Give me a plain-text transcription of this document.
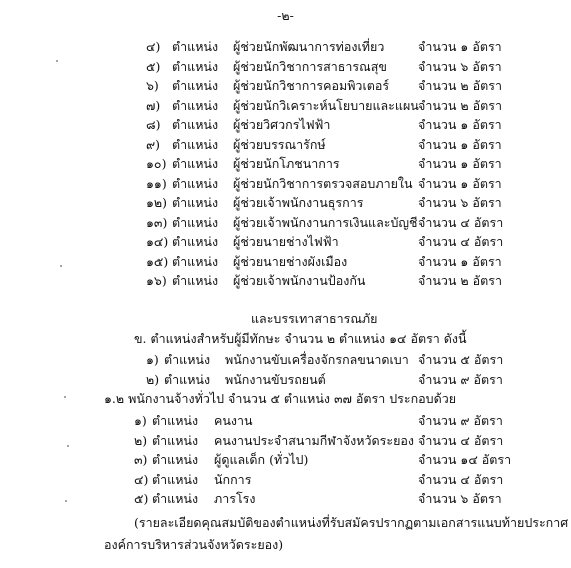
-๒-
๔) ตำแหน่ง ผู้ช่วยนักพัฒนาการท่องเที่ยว	จำนวน ๑ อัตรา
๕) ตำแหน่ง ผู้ช่วยนักวิชาการสาธารณสุข จำนวน ๖ อัตรา
๖) ตำแหน่ง ผู้ช่วยนักวิชาการคอมพิวเตอร์ จำนวน ๒ อัตรา
๗) ตำแหน่ง ผู้ช่วยนักวิเคราะห์นโยบายและแผน จำนวน ๒ อัตรา
๘) ตำแหน่ง ผู้ช่วยวิศวกรไฟฟ้า	จำนวน ๑ อัตรา
๙) ตำแหน่ง ผู้ช่วยบรรณารักษ์	จำนวน ๑ อัตรา
๑๐) ตำแหน่ง ผู้ช่วยนักโภชนาการ	จำนวน ๑ อัตรา
๑๑) ตำแหน่ง ผู้ช่วยนักวิชาการตรวจสอบภายใน จำนวน ๑ อัตรา
๑๒) ตำแหน่ง ผู้ช่วยเจ้าพนักงานธุรการ	จำนวน ๖ อัตรา
๑๓) ตำแหน่ง ผู้ช่วยเจ้าพนักงานการเงินและบัญชี จำนวน ๔ อัตรา
๑๔) ตำแหน่ง ผู้ช่วยนายช่างไฟฟ้า	จำนวน ๔ อัตรา
๑๕) ตำแหน่ง ผู้ช่วยนายช่างผังเมือง	จำนวน ๑ อัตรา
๑๖) ตำแหน่ง ผู้ช่วยเจ้าพนักงานป้องกัน	จำนวน ๒ อัตรา
และบรรเทาสาธารณภัย
ข. ตำแหน่งสำหรับผู้มีทักษะ จำนวน ๒ ตำแหน่ง ๑๔ อัตรา ดังนี้
๑) ตำแหน่ง พนักงานขับเครื่องจักรกลขนาดเบา จำนวน ๕ อัตรา
๒) ตำแหน่ง พนักงานขับรถยนต์	จำนวน ๙ อัตรา
๑.๒ พนักงานจ้างทั่วไป จำนวน ๕ ตำแหน่ง ๓๗ อัตรา ประกอบด้วย
๑) ตำแหน่ง คนงาน	จำนวน ๙ อัตรา
๒) ตำแหน่ง คนงานประจำสนามกีฬาจังหวัดระยอง จำนวน ๔ อัตรา
๓) ตำแหน่ง ผู้ดูแลเด็ก (ทั่วไป)	จำนวน ๑๔ อัตรา
๔) ตำแหน่ง นักการ	จำนวน ๔ อัตรา
๕) ตำแหน่ง ภารโรง	จำนวน ๖ อัตรา
(รายละเอียดคุณสมบัติของตำแหน่งที่รับสมัครปรากฏตามเอกสารแนบท้ายประกาศ
องค์การบริหารส่วนจังหวัดระยอง)
